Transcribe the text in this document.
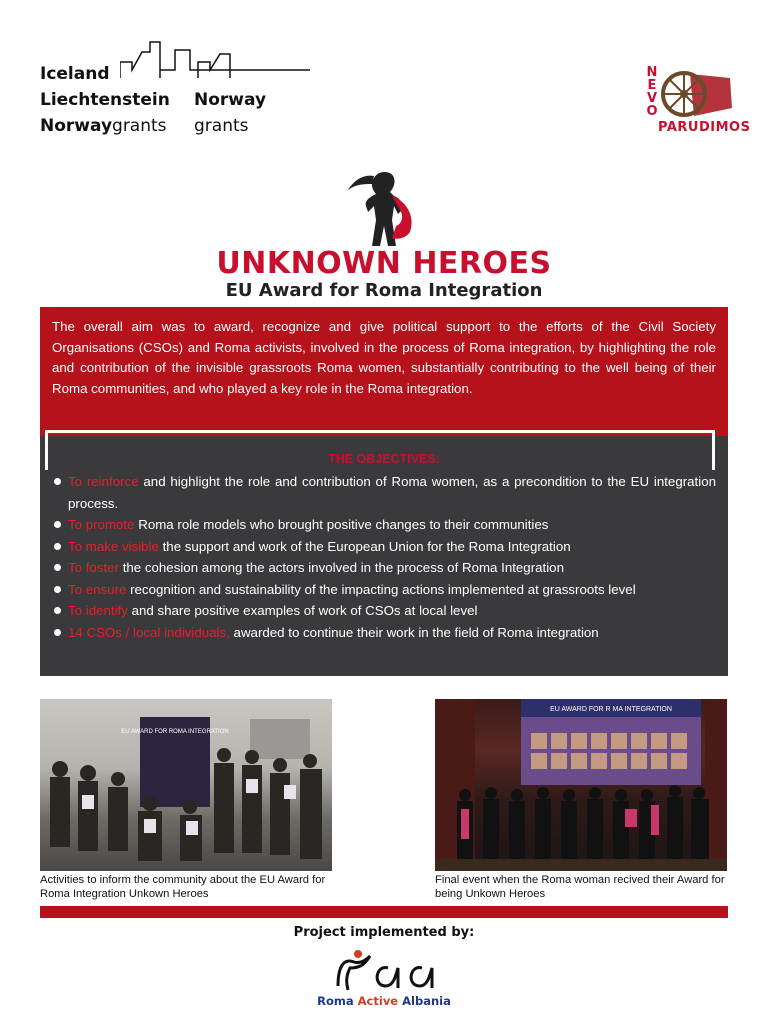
Iceland
Liechtenstein
Norwaygrants
Norway
grants
N
E
V
O
PARUDIMOS
UNKNOWN HEROES
EU Award for Roma Integration

The overall aim was to award, recognize and give political support to the efforts of the Civil Society Organisations (CSOs) and Roma activists, involved in the process of Roma integration, by highlighting the role and contribution of the invisible grassroots Roma women, substantially contributing to the well being of their Roma communities, and who played a key role in the Roma integration.

THE OBJECTIVES:
To reinforce and highlight the role and contribution of Roma women, as a precondition to the EU integration process.
To promote Roma role models who brought positive changes to their communities
To make visible the support and work of the European Union for the Roma Integration
To foster the cohesion among the actors involved in the process of Roma Integration
To ensure recognition and sustainability of the impacting actions implemented at grassroots level
To identify and share positive examples of work of CSOs at local level
14 CSOs / local individuals, awarded to continue their work in the field of Roma integration
EU AWARD FOR ROMA INTEGRATION
Activities to inform the community about the EU Award for Roma Integration Unkown Heroes
EU AWARD FOR R MA INTEGRATION
Final event when the Roma woman recived their Award for being Unkown Heroes
Project implemented by:
Roma Active Albania
